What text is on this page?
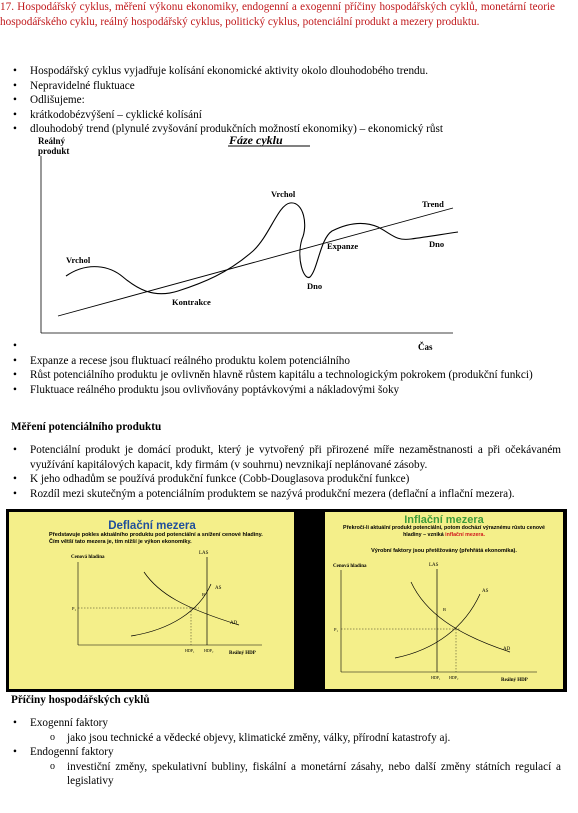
17. Hospodářský cyklus, měření výkonu ekonomiky, endogenní a exogenní příčiny hospodářských cyklů, monetární teorie hospodářského cyklu, reálný hospodářský cyklus, politický cyklus, potenciální produkt a mezery produktu.
• Hospodářský cyklus vyjadřuje kolísání ekonomické aktivity okolo dlouhodobého trendu.
• Nepravidelné fluktuace
• Odlišujeme:
• krátkodobézvýšení – cyklické kolísání
• dlouhodobý trend (plynulé zvyšování produkčních možností ekonomiky) – ekonomický růst
Reálný
produkt
Fáze cyklu
Vrchol
Vrchol
Trend
Dno
Expanze
Dno
Kontrakce
Čas
•
• Expanze a recese jsou fluktuací reálného produktu kolem potenciálního
• Růst potenciálního produktu je ovlivněn hlavně růstem kapitálu a technologickým pokrokem (produkční funkci)
• Fluktuace reálného produktu jsou ovlivňovány poptávkovými a nákladovými šoky
Měření potenciálního produktu
• Potenciální produkt je domácí produkt, který je vytvořený při přirozené míře nezaměstnanosti a při očekávaném využívání kapitálových kapacit, kdy firmám (v souhrnu) nevznikají neplánované zásoby.
• K jeho odhadům se používá produkční funkce (Cobb-Douglasova produkční funkce)
• Rozdíl mezi skutečným a potenciálním produktem se nazývá produkční mezera (deflační a inflační mezera).
Deflační mezera
Představuje pokles aktuálního produktu pod potenciální a snížení cenové hladiny. Čím větší tato mezera je, tím nižší je výkon ekonomiky.
Cenová hladina
LAS
AS
AD
P₁
B
HDP₁ HDP₂
Reálný HDP
Inflační mezera
Překročí-li aktuální produkt potenciální, potom dochází výraznému růstu cenové hladiny – vzniká inflační mezera.
Výrobní faktory jsou přetěžovány (přehřátá ekonomika).
Cenová hladina	LAS
AS
AD
P₁
B
HDP₁ HDP₂
Reálný HDP
Příčiny hospodářských cyklů
• Exogenní faktory
o jako jsou technické a vědecké objevy, klimatické změny, války, přírodní katastrofy aj.
• Endogenní faktory
o investiční změny, spekulativní bubliny, fiskální a monetární zásahy, nebo další změny státních regulací a legislativy
